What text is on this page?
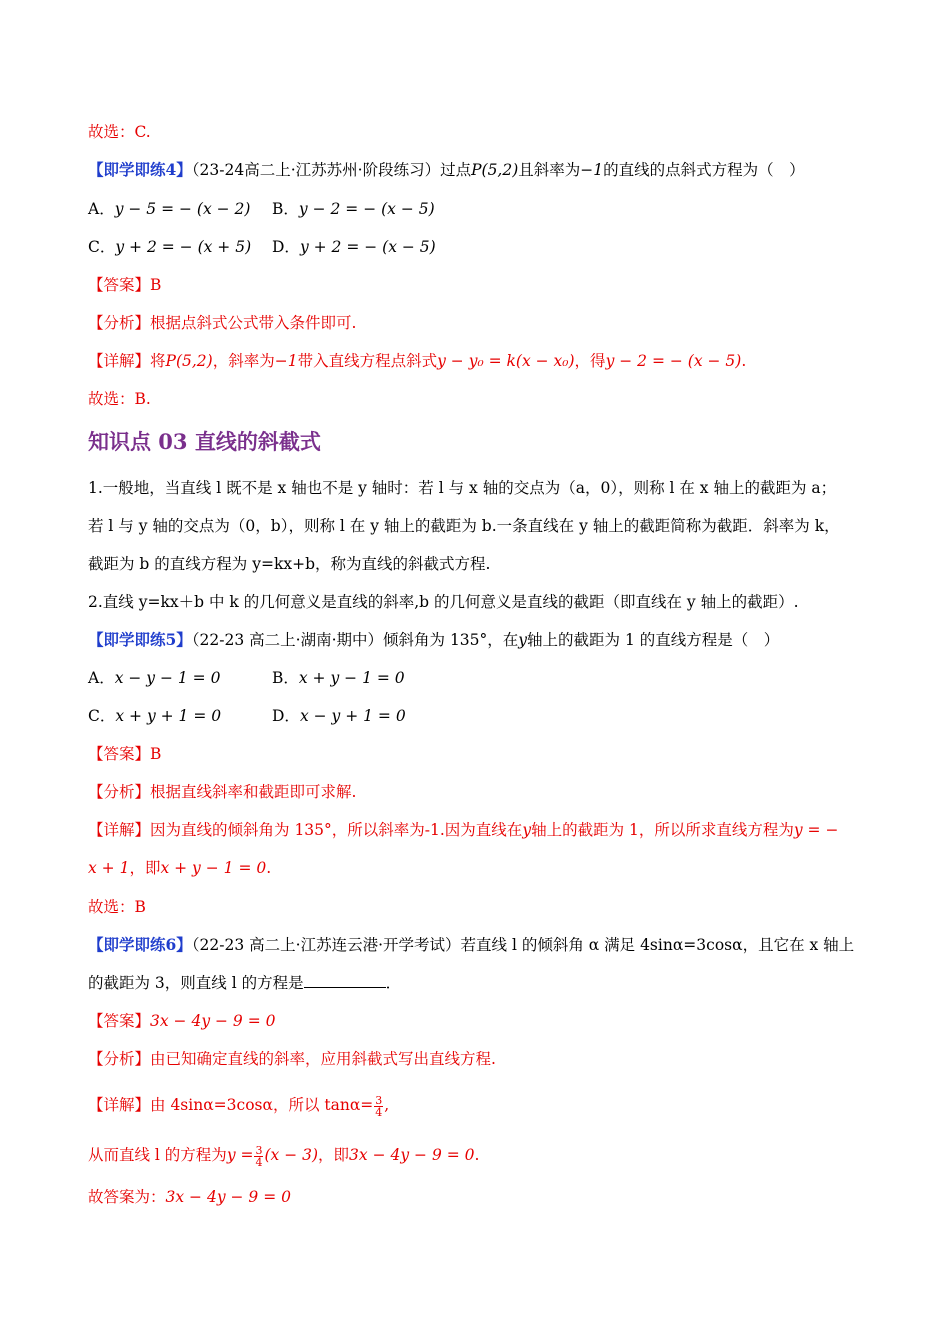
故选：C.
【即学即练4】（23-24高二上·江苏苏州·阶段练习）过点P(5,2)且斜率为−1的直线的点斜式方程为（　）
A．y − 5 = − (x − 2) B．y − 2 = − (x − 5)
C．y + 2 = − (x + 5) D．y + 2 = − (x − 5)
【答案】B
【分析】根据点斜式公式带入条件即可.
【详解】将P(5,2)，斜率为−1带入直线方程点斜式y − y₀ = k(x − x₀)，得y − 2 = − (x − 5).
故选：B.
知识点 03 直线的斜截式
1.一般地，当直线 l 既不是 x 轴也不是 y 轴时：若 l 与 x 轴的交点为（a，0），则称 l 在 x 轴上的截距为 a；
若 l 与 y 轴的交点为（0，b），则称 l 在 y 轴上的截距为 b.一条直线在 y 轴上的截距简称为截距．斜率为 k，
截距为 b 的直线方程为 y=kx+b，称为直线的斜截式方程.
2.直线 y=kx＋b 中 k 的几何意义是直线的斜率,b 的几何意义是直线的截距（即直线在 y 轴上的截距）.
【即学即练5】（22-23 高二上·湖南·期中）倾斜角为 135°，在y轴上的截距为 1 的直线方程是（　）
A．x − y − 1 = 0	B．x + y − 1 = 0
C．x + y + 1 = 0	D．x − y + 1 = 0
【答案】B
【分析】根据直线斜率和截距即可求解.
【详解】因为直线的倾斜角为 135°，所以斜率为-1.因为直线在y轴上的截距为 1，所以所求直线方程为y = −
x + 1，即x + y − 1 = 0.
故选：B
【即学即练6】（22-23 高二上·江苏连云港·开学考试）若直线 l 的倾斜角 α 满足 4sinα=3cosα，且它在 x 轴上
的截距为 3，则直线 l 的方程是	．
【答案】3x − 4y − 9 = 0
【分析】由已知确定直线的斜率，应用斜截式写出直线方程.
【详解】由 4sinα=3cosα，所以 $\tan\alpha= \frac{3}{4}$ ,
从而直线 l 的方程为$y = \frac{3}{4} (x - 3)$，即3x − 4y − 9 = 0.
故答案为：3x − 4y − 9 = 0
